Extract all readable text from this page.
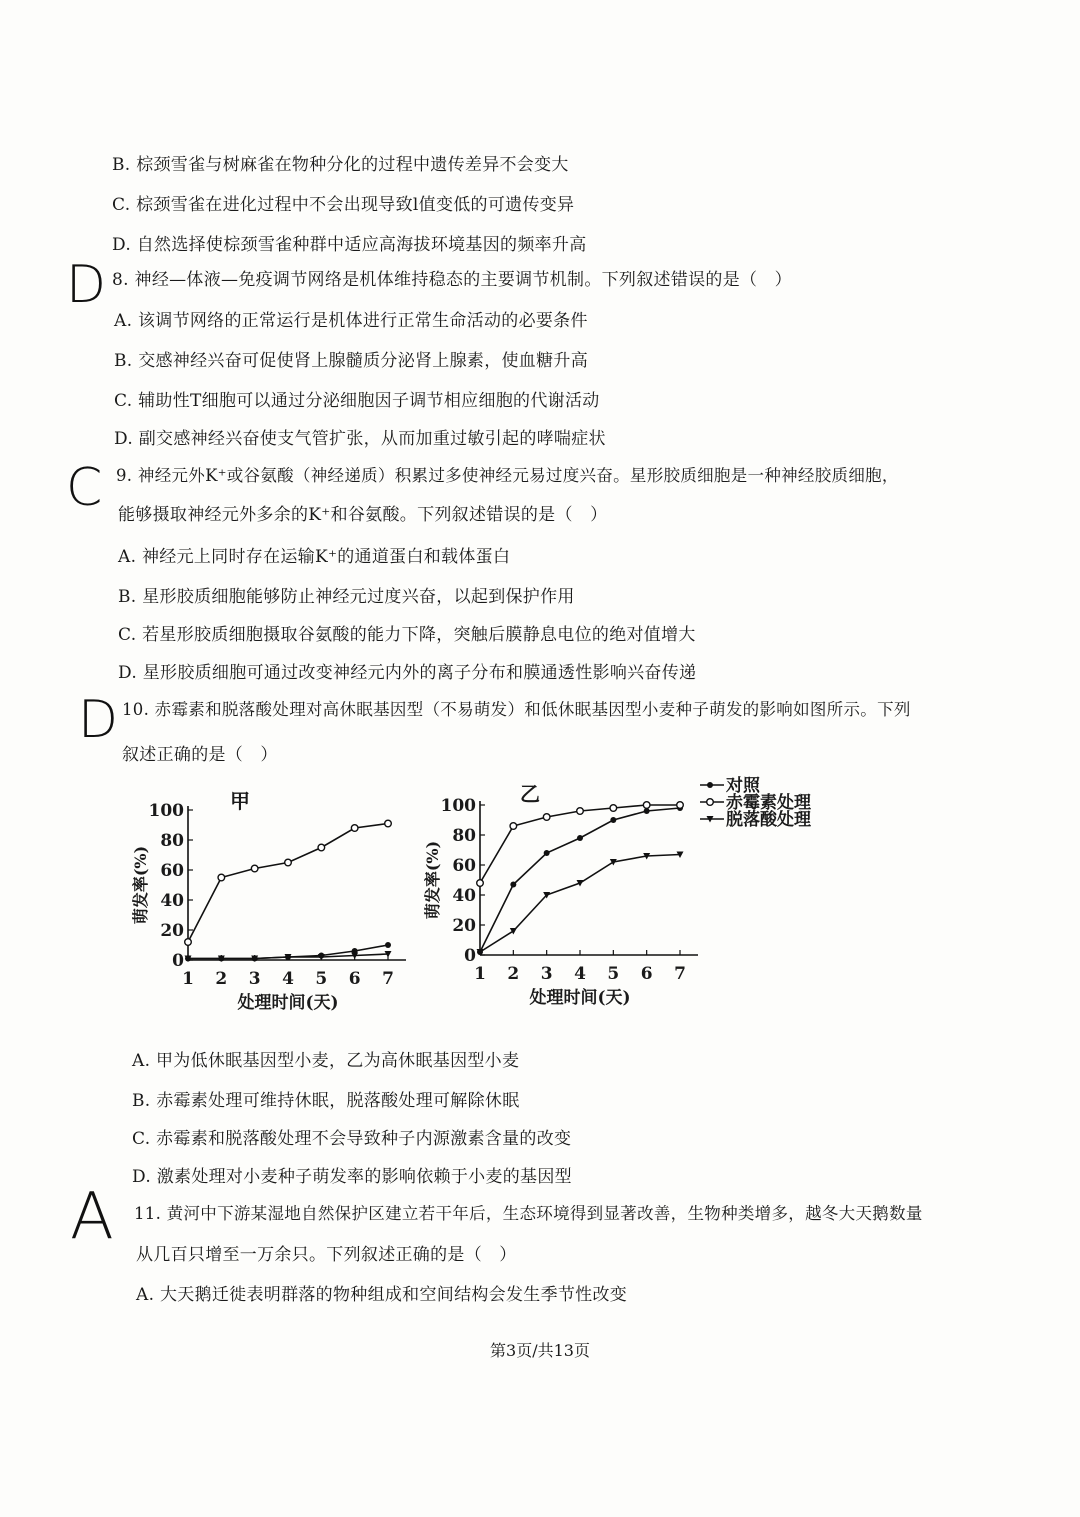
B. 棕颈雪雀与树麻雀在物种分化的过程中遗传差异不会变大
C. 棕颈雪雀在进化过程中不会出现导致l值变低的可遗传变异
D. 自然选择使棕颈雪雀种群中适应高海拔环境基因的频率升高
D 8. 神经—体液—免疫调节网络是机体维持稳态的主要调节机制。下列叙述错误的是（　）
A. 该调节网络的正常运行是机体进行正常生命活动的必要条件
B. 交感神经兴奋可促使肾上腺髓质分泌肾上腺素，使血糖升高
C. 辅助性T细胞可以通过分泌细胞因子调节相应细胞的代谢活动
D. 副交感神经兴奋使支气管扩张，从而加重过敏引起的哮喘症状
C 9. 神经元外K⁺或谷氨酸（神经递质）积累过多使神经元易过度兴奋。星形胶质细胞是一种神经胶质细胞，
能够摄取神经元外多余的K⁺和谷氨酸。下列叙述错误的是（　）
A. 神经元上同时存在运输K⁺的通道蛋白和载体蛋白
B. 星形胶质细胞能够防止神经元过度兴奋，以起到保护作用
C. 若星形胶质细胞摄取谷氨酸的能力下降，突触后膜静息电位的绝对值增大
D. 星形胶质细胞可通过改变神经元内外的离子分布和膜通透性影响兴奋传递
D 10. 赤霉素和脱落酸处理对高休眠基因型（不易萌发）和低休眠基因型小麦种子萌发的影响如图所示。下列
叙述正确的是（　）
0
20
40
60
80
100
1 2 3 4 5 6 7
甲
处理时间(天)
萌发率(%)
0
20
40
60
80
100
1 2 3 4 5 6 7
乙
处理时间(天)
萌发率(%)
对照
赤霉素处理
脱落酸处理
A. 甲为低休眠基因型小麦，乙为高休眠基因型小麦
B. 赤霉素处理可维持休眠，脱落酸处理可解除休眠
C. 赤霉素和脱落酸处理不会导致种子内源激素含量的改变
D. 激素处理对小麦种子萌发率的影响依赖于小麦的基因型
A 11. 黄河中下游某湿地自然保护区建立若干年后，生态环境得到显著改善，生物种类增多，越冬大天鹅数量
从几百只增至一万余只。下列叙述正确的是（　）
A. 大天鹅迁徙表明群落的物种组成和空间结构会发生季节性改变
第3页/共13页
